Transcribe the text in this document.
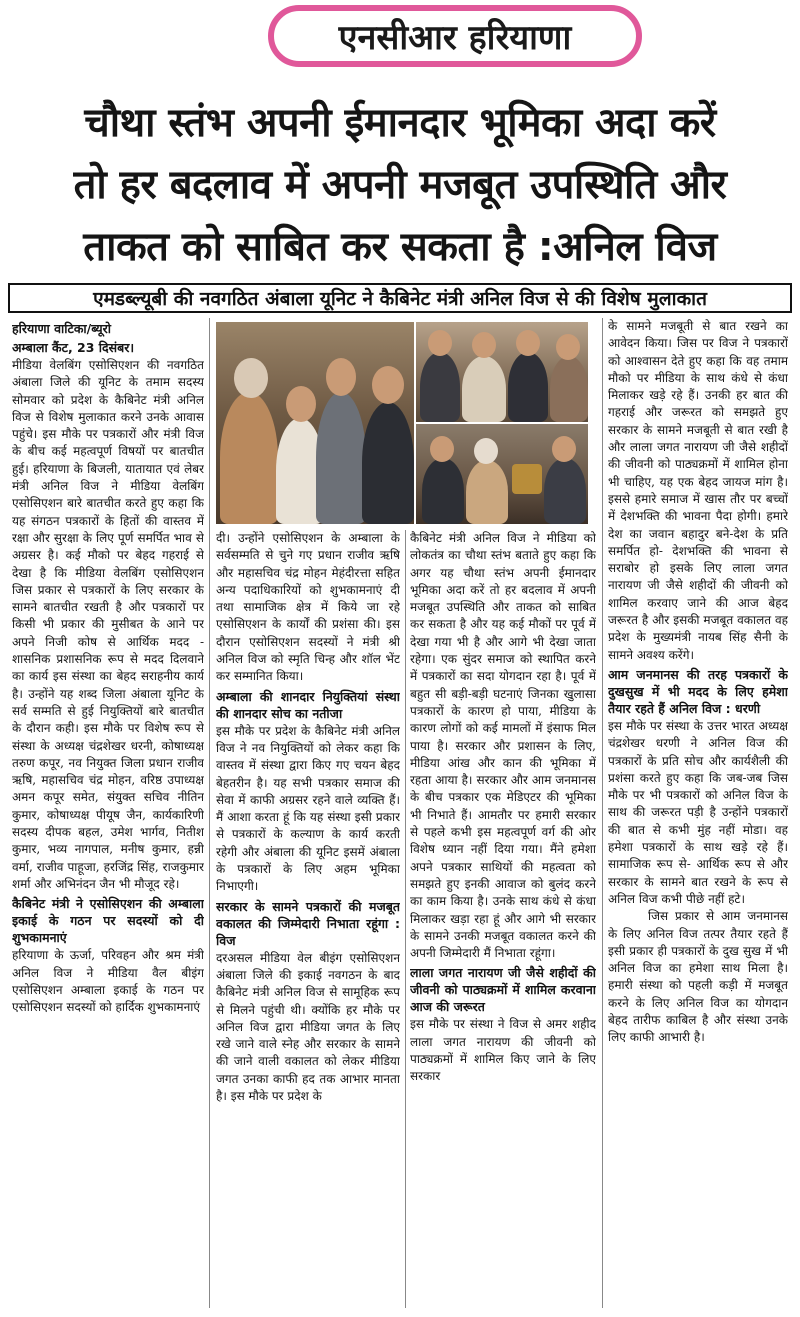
एनसीआर हरियाणा
चौथा स्तंभ अपनी ईमानदार भूमिका अदा करें
तो हर बदलाव में अपनी मजबूत उपस्थिति और
ताकत को साबित कर सकता है :अनिल विज
एमडब्ल्यूबी की नवगठित अंबाला यूनिट ने कैबिनेट मंत्री अनिल विज से की विशेष मुलाकात

हरियाणा वाटिका/ब्यूरो

अम्बाला कैंट, 23 दिसंबर।

मीडिया वेलबिंग एसोसिएशन की नवगठित अंबाला जिले की यूनिट के तमाम सदस्य सोमवार को प्रदेश के कैबिनेट मंत्री अनिल विज से विशेष मुलाकात करने उनके आवास पहुंचे। इस मौके पर पत्रकारों और मंत्री विज के बीच कई महत्वपूर्ण विषयों पर बातचीत हुई। हरियाणा के बिजली, यातायात एवं लेबर मंत्री अनिल विज ने मीडिया वेलबिंग एसोसिएशन बारे बातचीत करते हुए कहा कि यह संगठन पत्रकारों के हितों की वास्तव में रक्षा और सुरक्षा के लिए पूर्ण समर्पित भाव से अग्रसर है। कई मौको पर बेहद गहराई से देखा है कि मीडिया वेलबिंग एसोसिएशन जिस प्रकार से पत्रकारों के लिए सरकार के सामने बातचीत रखती है और पत्रकारों पर किसी भी प्रकार की मुसीबत के आने पर अपने निजी कोष से आर्थिक मदद - शासनिक प्रशासनिक रूप से मदद दिलवाने का कार्य इस संस्था का बेहद सराहनीय कार्य है। उन्होंने यह शब्द जिला अंबाला यूनिट के सर्व सम्मति से हुई नियुक्तियों बारे बातचीत के दौरान कही। इस मौके पर विशेष रूप से संस्था के अध्यक्ष चंद्रशेखर धरनी, कोषाध्यक्ष तरुण कपूर, नव नियुक्त जिला प्रधान राजीव ऋषि, महासचिव चंद्र मोहन, वरिष्ठ उपाध्यक्ष अमन कपूर समेत, संयुक्त सचिव नीतिन कुमार, कोषाध्यक्ष पीयूष जैन, कार्यकारिणी सदस्य दीपक बहल, उमेश भार्गव, नितीश कुमार, भव्य नागपाल, मनीष कुमार, हन्नी वर्मा, राजीव पाहूजा, हरजिंद्र सिंह, राजकुमार शर्मा और अभिनंदन जैन भी मौजूद रहे।

कैबिनेट मंत्री ने एसोसिएशन की अम्बाला इकाई के गठन पर सदस्यों को दी शुभकामनाएं

हरियाणा के ऊर्जा, परिवहन और श्रम मंत्री अनिल विज ने मीडिया वैल बीइंग एसोसिएशन अम्बाला इकाई के गठन पर एसोसिएशन सदस्यों को हार्दिक शुभकामनाएं

दी। उन्होंने एसोसिएशन के अम्बाला के सर्वसम्मति से चुने गए प्रधान राजीव ऋषि और महासचिव चंद्र मोहन मेहंदीरत्ता सहित अन्य पदाधिकारियों को शुभकामनाएं दी तथा सामाजिक क्षेत्र में किये जा रहे एसोसिएशन के कार्यों की प्रशंसा की। इस दौरान एसोसिएशन सदस्यों ने मंत्री श्री अनिल विज को स्मृति चिन्ह और शॉल भेंट कर सम्मानित किया।

अम्बाला की शानदार नियुक्तियां संस्था की शानदार सोच का नतीजा

इस मौके पर प्रदेश के कैबिनेट मंत्री अनिल विज ने नव नियुक्तियों को लेकर कहा कि वास्तव में संस्था द्वारा किए गए चयन बेहद बेहतरीन है। यह सभी पत्रकार समाज की सेवा में काफी अग्रसर रहने वाले व्यक्ति हैं। मैं आशा करता हूं कि यह संस्था इसी प्रकार से पत्रकारों के कल्याण के कार्य करती रहेगी और अंबाला की यूनिट इसमें अंबाला के पत्रकारों के लिए अहम भूमिका निभाएगी।

सरकार के सामने पत्रकारों की मजबूत वकालत की जिम्मेदारी निभाता रहूंगा : विज

दरअसल मीडिया वेल बीइंग एसोसिएशन अंबाला जिले की इकाई नवगठन के बाद कैबिनेट मंत्री अनिल विज से सामूहिक रूप से मिलने पहुंची थी। क्योंकि हर मौके पर अनिल विज द्वारा मीडिया जगत के लिए रखे जाने वाले स्नेह और सरकार के सामने की जाने वाली वकालत को लेकर मीडिया जगत उनका काफी हद तक आभार मानता है। इस मौके पर प्रदेश के

कैबिनेट मंत्री अनिल विज ने मीडिया को लोकतंत्र का चौथा स्तंभ बताते हुए कहा कि अगर यह चौथा स्तंभ अपनी ईमानदार भूमिका अदा करें तो हर बदलाव में अपनी मजबूत उपस्थिति और ताकत को साबित कर सकता है और यह कई मौकों पर पूर्व में देखा गया भी है और आगे भी देखा जाता रहेगा। एक सुंदर समाज को स्थापित करने में पत्रकारों का सदा योगदान रहा है। पूर्व में बहुत सी बड़ी-बड़ी घटनाएं जिनका खुलासा पत्रकारों के कारण हो पाया, मीडिया के कारण लोगों को कई मामलों में इंसाफ मिल पाया है। सरकार और प्रशासन के लिए, मीडिया आंख और कान की भूमिका में रहता आया है। सरकार और आम जनमानस के बीच पत्रकार एक मेडिएटर की भूमिका भी निभाते हैं। आमतौर पर हमारी सरकार से पहले कभी इस महत्वपूर्ण वर्ग की ओर विशेष ध्यान नहीं दिया गया। मैंने हमेशा अपने पत्रकार साथियों की महत्वता को समझते हुए इनकी आवाज को बुलंद करने का काम किया है। उनके साथ कंधे से कंधा मिलाकर खड़ा रहा हूं और आगे भी सरकार के सामने उनकी मजबूत वकालत करने की अपनी जिम्मेदारी मैं निभाता रहूंगा।

लाला जगत नारायण जी जैसे शहीदों की जीवनी को पाठ्यक्रमों में शामिल करवाना आज की जरूरत

इस मौके पर संस्था ने विज से अमर शहीद लाला जगत नारायण की जीवनी को पाठ्यक्रमों में शामिल किए जाने के लिए सरकार

के सामने मजबूती से बात रखने का आवेदन किया। जिस पर विज ने पत्रकारों को आश्वासन देते हुए कहा कि वह तमाम मौको पर मीडिया के साथ कंधे से कंधा मिलाकर खड़े रहे हैं। उनकी हर बात की गहराई और जरूरत को समझते हुए सरकार के सामने मजबूती से बात रखी है और लाला जगत नारायण जी जैसे शहीदों की जीवनी को पाठ्यक्रमों में शामिल होना भी चाहिए, यह एक बेहद जायज मांग है। इससे हमारे समाज में खास तौर पर बच्चों में देशभक्ति की भावना पैदा होगी। हमारे देश का जवान बहादुर बने-देश के प्रति समर्पित हो- देशभक्ति की भावना से सराबोर हो इसके लिए लाला जगत नारायण जी जैसे शहीदों की जीवनी को शामिल करवाए जाने की आज बेहद जरूरत है और इसकी मजबूत वकालत वह प्रदेश के मुख्यमंत्री नायब सिंह सैनी के सामने अवश्य करेंगे।

आम जनमानस की तरह पत्रकारों के दुखसुख में भी मदद के लिए हमेशा तैयार रहते हैं अनिल विज : धरणी

इस मौके पर संस्था के उत्तर भारत अध्यक्ष चंद्रशेखर धरणी ने अनिल विज की पत्रकारों के प्रति सोच और कार्यशैली की प्रशंसा करते हुए कहा कि जब-जब जिस मौके पर भी पत्रकारों को अनिल विज के साथ की जरूरत पड़ी है उन्होंने पत्रकारों की बात से कभी मुंह नहीं मोडा। वह हमेशा पत्रकारों के साथ खड़े रहे हैं। सामाजिक रूप से- आर्थिक रूप से और सरकार के सामने बात रखने के रूप से अनिल विज कभी पीछे नहीं हटे।

जिस प्रकार से आम जनमानस के लिए अनिल विज तत्पर तैयार रहते हैं इसी प्रकार ही पत्रकारों के दुख सुख में भी अनिल विज का हमेशा साथ मिला है। हमारी संस्था को पहली कड़ी में मजबूत करने के लिए अनिल विज का योगदान बेहद तारीफ काबिल है और संस्था उनके लिए काफी आभारी है।
